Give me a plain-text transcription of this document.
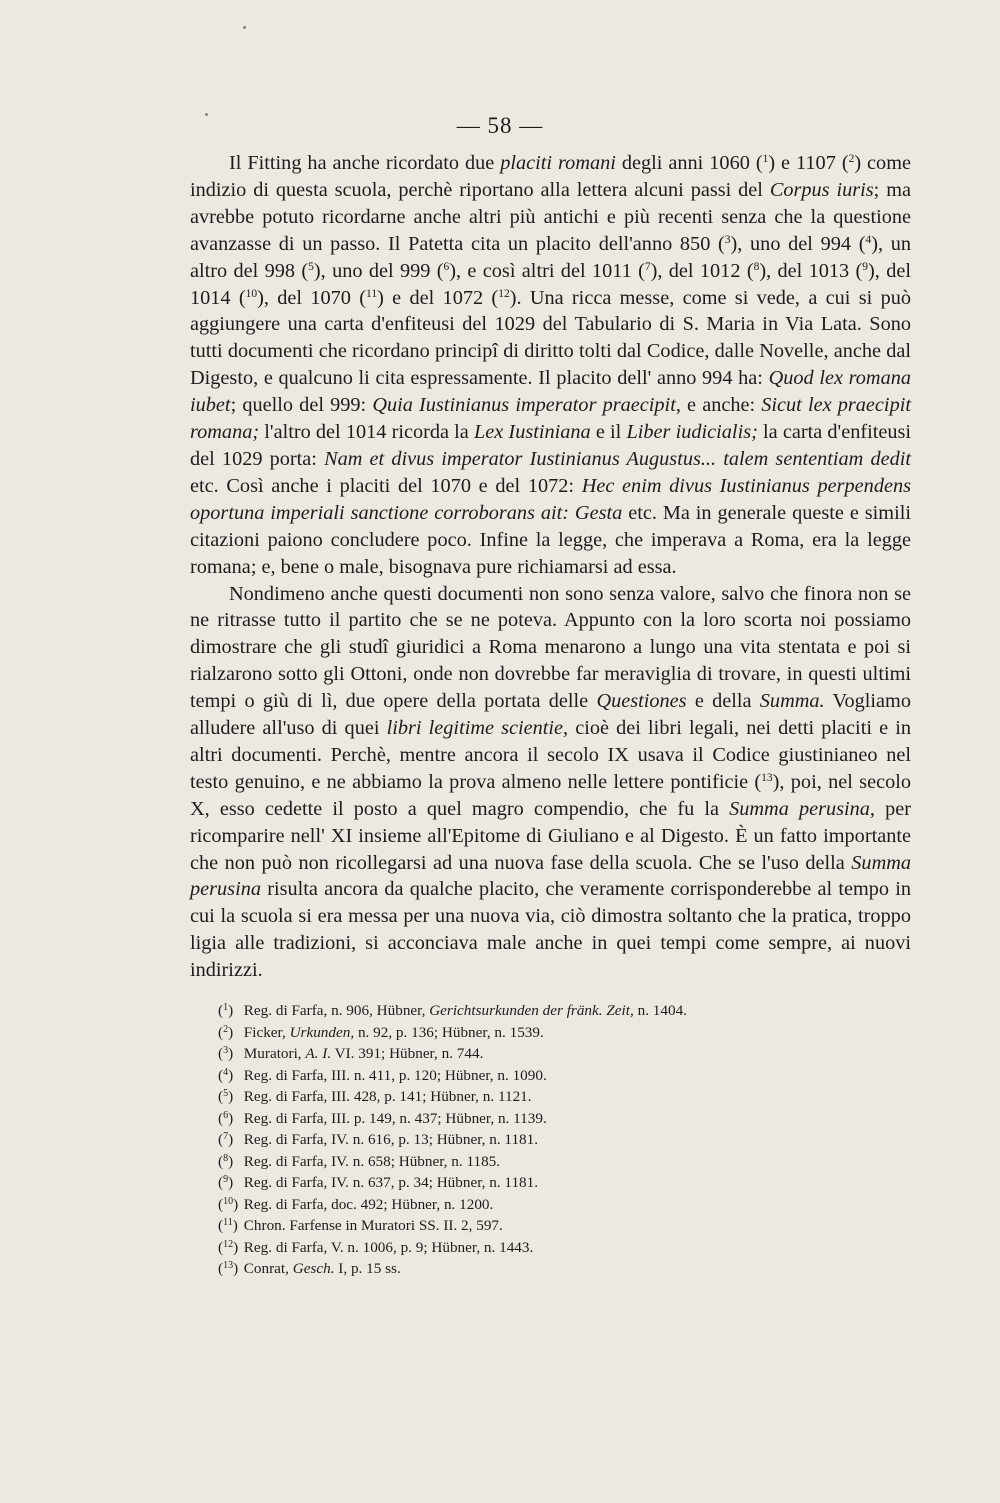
— 58 —

Il Fitting ha anche ricordato due placiti romani degli anni 1060 ($^1$) e 1107 ($^2$) come indizio di questa scuola, perchè riportano alla lettera alcuni passi del Corpus iuris; ma avrebbe potuto ricordarne anche altri più antichi e più recenti senza che la questione avanzasse di un passo. Il Patetta cita un placito dell'anno 850 ($^3$), uno del 994 ($^4$), un altro del 998 ($^5$), uno del 999 ($^6$), e così altri del 1011 ($^7$), del 1012 ($^8$), del 1013 ($^9$), del 1014 ($^{10}$), del 1070 ($^{11}$) e del 1072 ($^{12}$). Una ricca messe, come si vede, a cui si può aggiungere una carta d'enfiteusi del 1029 del Tabulario di S. Maria in Via Lata. Sono tutti documenti che ricordano principî di diritto tolti dal Codice, dalle Novelle, anche dal Digesto, e qualcuno li cita espressamente. Il placito dell' anno 994 ha: Quod lex romana iubet; quello del 999: Quia Iustinianus imperator praecipit, e anche: Sicut lex praecipit romana; l'altro del 1014 ricorda la Lex Iustiniana e il Liber iudicialis; la carta d'enfiteusi del 1029 porta: Nam et divus imperator Iustinianus Augustus... talem sententiam dedit etc. Così anche i placiti del 1070 e del 1072: Hec enim divus Iustinianus perpendens oportuna imperiali sanctione corroborans ait: Gesta etc. Ma in generale queste e simili citazioni paiono concludere poco. Infine la legge, che imperava a Roma, era la legge romana; e, bene o male, bisognava pure richiamarsi ad essa.

Nondimeno anche questi documenti non sono senza valore, salvo che finora non se ne ritrasse tutto il partito che se ne poteva. Appunto con la loro scorta noi possiamo dimostrare che gli studî giuridici a Roma menarono a lungo una vita stentata e poi si rialzarono sotto gli Ottoni, onde non dovrebbe far meraviglia di trovare, in questi ultimi tempi o giù di lì, due opere della portata delle Questiones e della Summa. Vogliamo alludere all'uso di quei libri legitime scientie, cioè dei libri legali, nei detti placiti e in altri documenti. Perchè, mentre ancora il secolo IX usava il Codice giustinianeo nel testo genuino, e ne abbiamo la prova almeno nelle lettere pontificie ($^{13}$), poi, nel secolo X, esso cedette il posto a quel magro compendio, che fu la Summa perusina, per ricomparire nell' XI insieme all'Epitome di Giuliano e al Digesto. È un fatto importante che non può non ricollegarsi ad una nuova fase della scuola. Che se l'uso della Summa perusina risulta ancora da qualche placito, che veramente corrisponderebbe al tempo in cui la scuola si era messa per una nuova via, ciò dimostra soltanto che la pratica, troppo ligia alle tradizioni, si acconciava male anche in quei tempi come sempre, ai nuovi indirizzi.

($^1$) Reg. di Farfa, n. 906, Hübner, Gerichtsurkunden der fränk. Zeit, n. 1404.
($^2$) Ficker, Urkunden, n. 92, p. 136; Hübner, n. 1539.
($^3$) Muratori, A. I. VI. 391; Hübner, n. 744.
($^4$) Reg. di Farfa, III. n. 411, p. 120; Hübner, n. 1090.
($^5$) Reg. di Farfa, III. 428, p. 141; Hübner, n. 1121.
($^6$) Reg. di Farfa, III. p. 149, n. 437; Hübner, n. 1139.
($^7$) Reg. di Farfa, IV. n. 616, p. 13; Hübner, n. 1181.
($^8$) Reg. di Farfa, IV. n. 658; Hübner, n. 1185.
($^9$) Reg. di Farfa, IV. n. 637, p. 34; Hübner, n. 1181.
($^{10}$) Reg. di Farfa, doc. 492; Hübner, n. 1200.
($^{11}$) Chron. Farfense in Muratori SS. II. 2, 597.
($^{12}$) Reg. di Farfa, V. n. 1006, p. 9; Hübner, n. 1443.
($^{13}$) Conrat, Gesch. I, p. 15 ss.
